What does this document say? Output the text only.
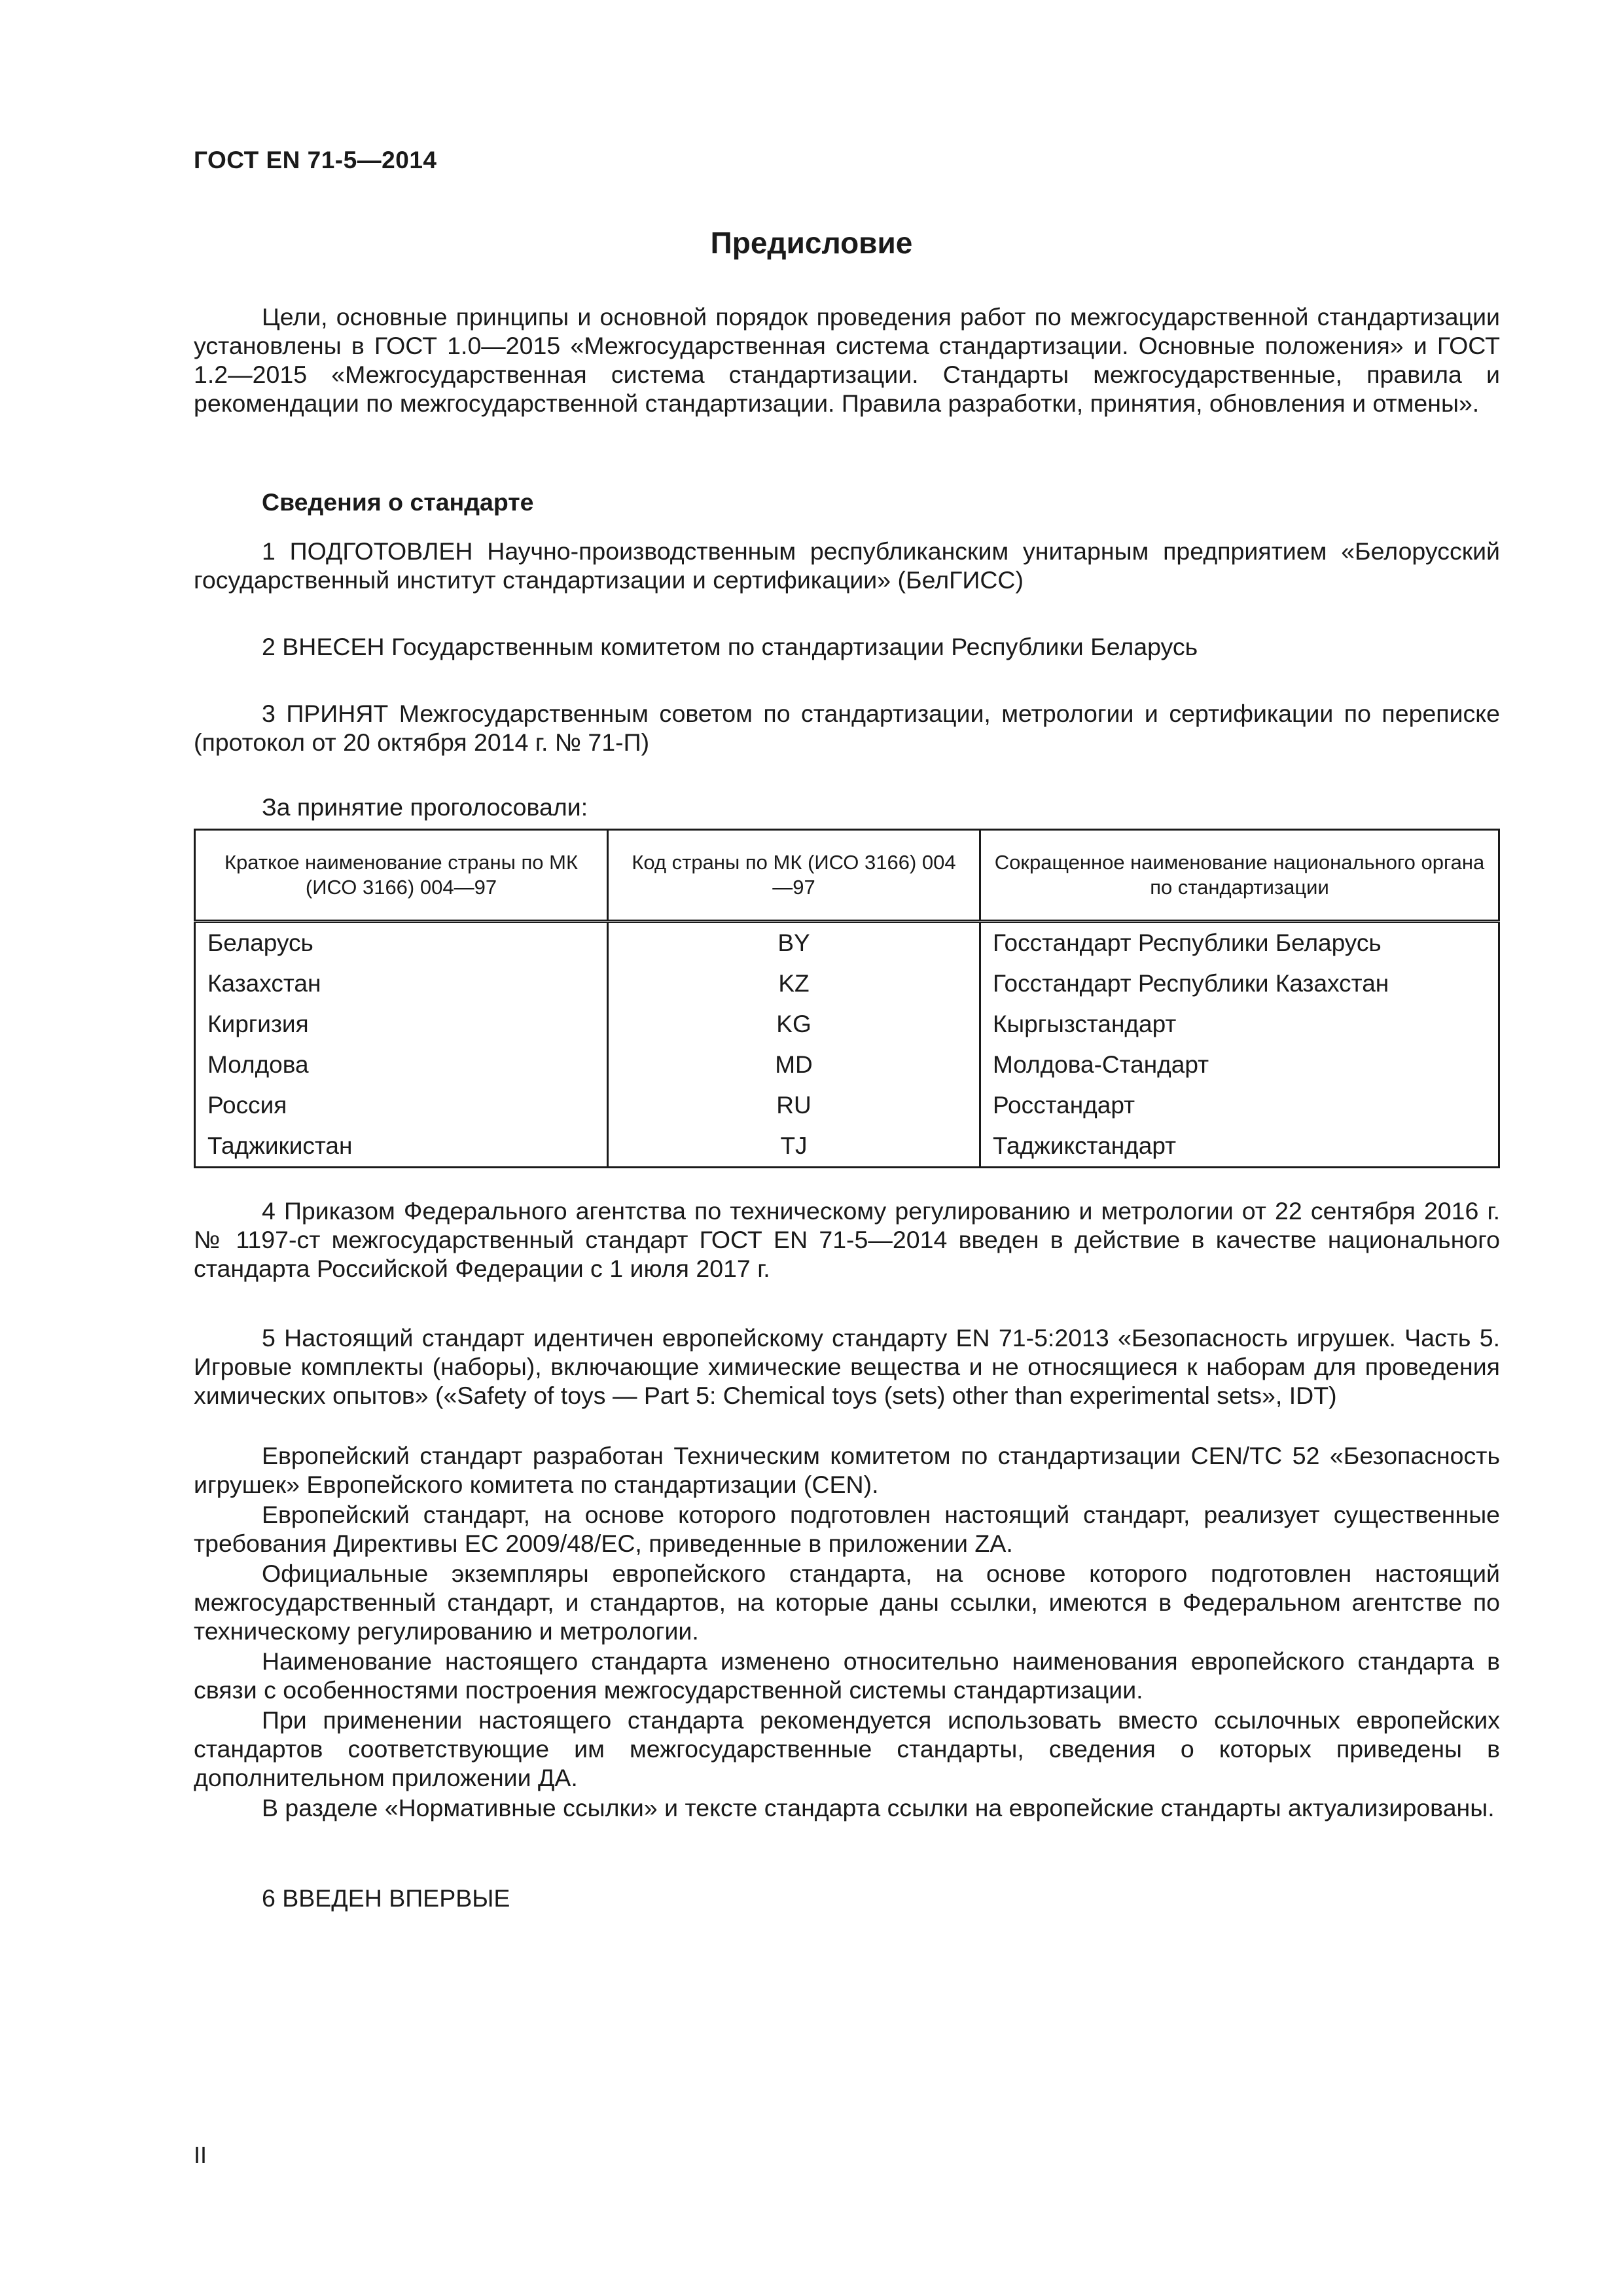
ГОСТ EN 71-5—2014
Предисловие

Цели, основные принципы и основной порядок проведения работ по межгосударственной стандартизации установлены в ГОСТ 1.0—2015 «Межгосударственная система стандартизации. Основные положения» и ГОСТ 1.2—2015 «Межгосударственная система стандартизации. Стандарты межгосударственные, правила и рекомендации по межгосударственной стандартизации. Правила разработки, принятия, обновления и отмены».

Сведения о стандарте

1 ПОДГОТОВЛЕН Научно-производственным республиканским унитарным предприятием «Белорусский государственный институт стандартизации и сертификации» (БелГИСС)

2 ВНЕСЕН Государственным комитетом по стандартизации Республики Беларусь

3 ПРИНЯТ Межгосударственным советом по стандартизации, метрологии и сертификации по переписке (протокол от 20 октября 2014 г. № 71-П)

За принятие проголосовали:
Краткое наименование страны по МК (ИСО 3166) 004—97	Код страны по МК (ИСО 3166) 004—97	Сокращенное наименование национального органа по стандартизации
Беларусь	BY	Госстандарт Республики Беларусь
Казахстан	KZ	Госстандарт Республики Казахстан
Киргизия	KG	Кыргызстандарт
Молдова	MD	Молдова-Стандарт
Россия	RU	Росстандарт
Таджикистан	TJ	Таджикстандарт

4 Приказом Федерального агентства по техническому регулированию и метрологии от 22 сентября 2016 г. № 1197-ст межгосударственный стандарт ГОСТ EN 71-5—2014 введен в действие в качестве национального стандарта Российской Федерации с 1 июля 2017 г.

5 Настоящий стандарт идентичен европейскому стандарту EN 71-5:2013 «Безопасность игрушек. Часть 5. Игровые комплекты (наборы), включающие химические вещества и не относящиеся к наборам для проведения химических опытов» («Safety of toys — Part 5: Chemical toys (sets) other than experimental sets», IDT)

Европейский стандарт разработан Техническим комитетом по стандартизации CEN/TC 52 «Безопасность игрушек» Европейского комитета по стандартизации (CEN).

Европейский стандарт, на основе которого подготовлен настоящий стандарт, реализует существенные требования Директивы ЕС 2009/48/ЕС, приведенные в приложении ZA.

Официальные экземпляры европейского стандарта, на основе которого подготовлен настоящий межгосударственный стандарт, и стандартов, на которые даны ссылки, имеются в Федеральном агентстве по техническому регулированию и метрологии.

Наименование настоящего стандарта изменено относительно наименования европейского стандарта в связи с особенностями построения межгосударственной системы стандартизации.

При применении настоящего стандарта рекомендуется использовать вместо ссылочных европейских стандартов соответствующие им межгосударственные стандарты, сведения о которых приведены в дополнительном приложении ДА.

В разделе «Нормативные ссылки» и тексте стандарта ссылки на европейские стандарты актуализированы.

6 ВВЕДЕН ВПЕРВЫЕ

II
